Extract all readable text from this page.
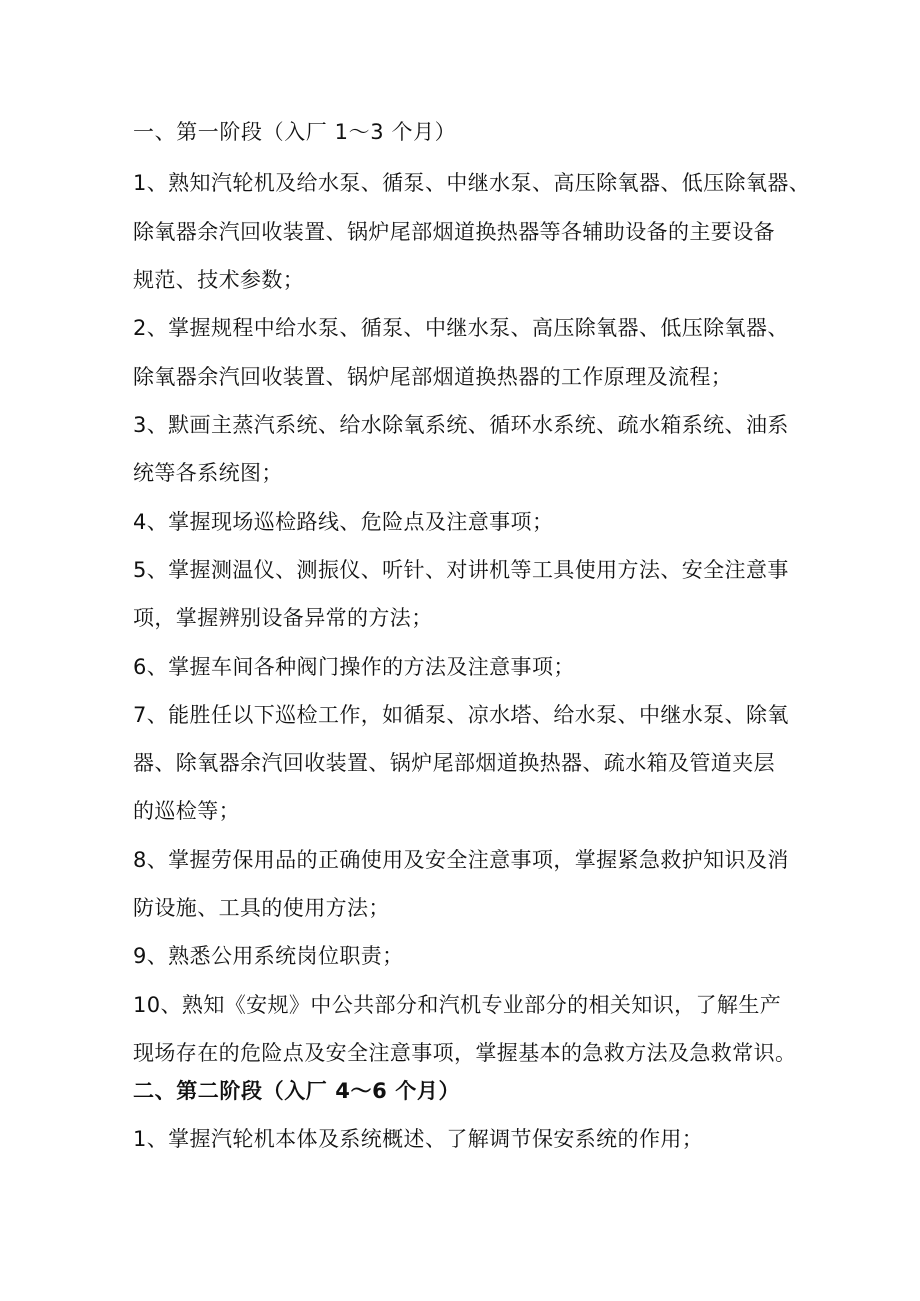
一、第一阶段（入厂 1～3 个月）
1、熟知汽轮机及给水泵、循泵、中继水泵、高压除氧器、低压除氧器、
除氧器余汽回收装置、锅炉尾部烟道换热器等各辅助设备的主要设备
规范、技术参数；
2、掌握规程中给水泵、循泵、中继水泵、高压除氧器、低压除氧器、
除氧器余汽回收装置、锅炉尾部烟道换热器的工作原理及流程；
3、默画主蒸汽系统、给水除氧系统、循环水系统、疏水箱系统、油系
统等各系统图；
4、掌握现场巡检路线、危险点及注意事项；
5、掌握测温仪、测振仪、听针、对讲机等工具使用方法、安全注意事
项，掌握辨别设备异常的方法；
6、掌握车间各种阀门操作的方法及注意事项；
7、能胜任以下巡检工作，如循泵、凉水塔、给水泵、中继水泵、除氧
器、除氧器余汽回收装置、锅炉尾部烟道换热器、疏水箱及管道夹层
的巡检等；
8、掌握劳保用品的正确使用及安全注意事项，掌握紧急救护知识及消
防设施、工具的使用方法；
9、熟悉公用系统岗位职责；
10、熟知《安规》中公共部分和汽机专业部分的相关知识，了解生产
现场存在的危险点及安全注意事项，掌握基本的急救方法及急救常识。
二、第二阶段（入厂 4～6 个月）
1、掌握汽轮机本体及系统概述、了解调节保安系统的作用；
